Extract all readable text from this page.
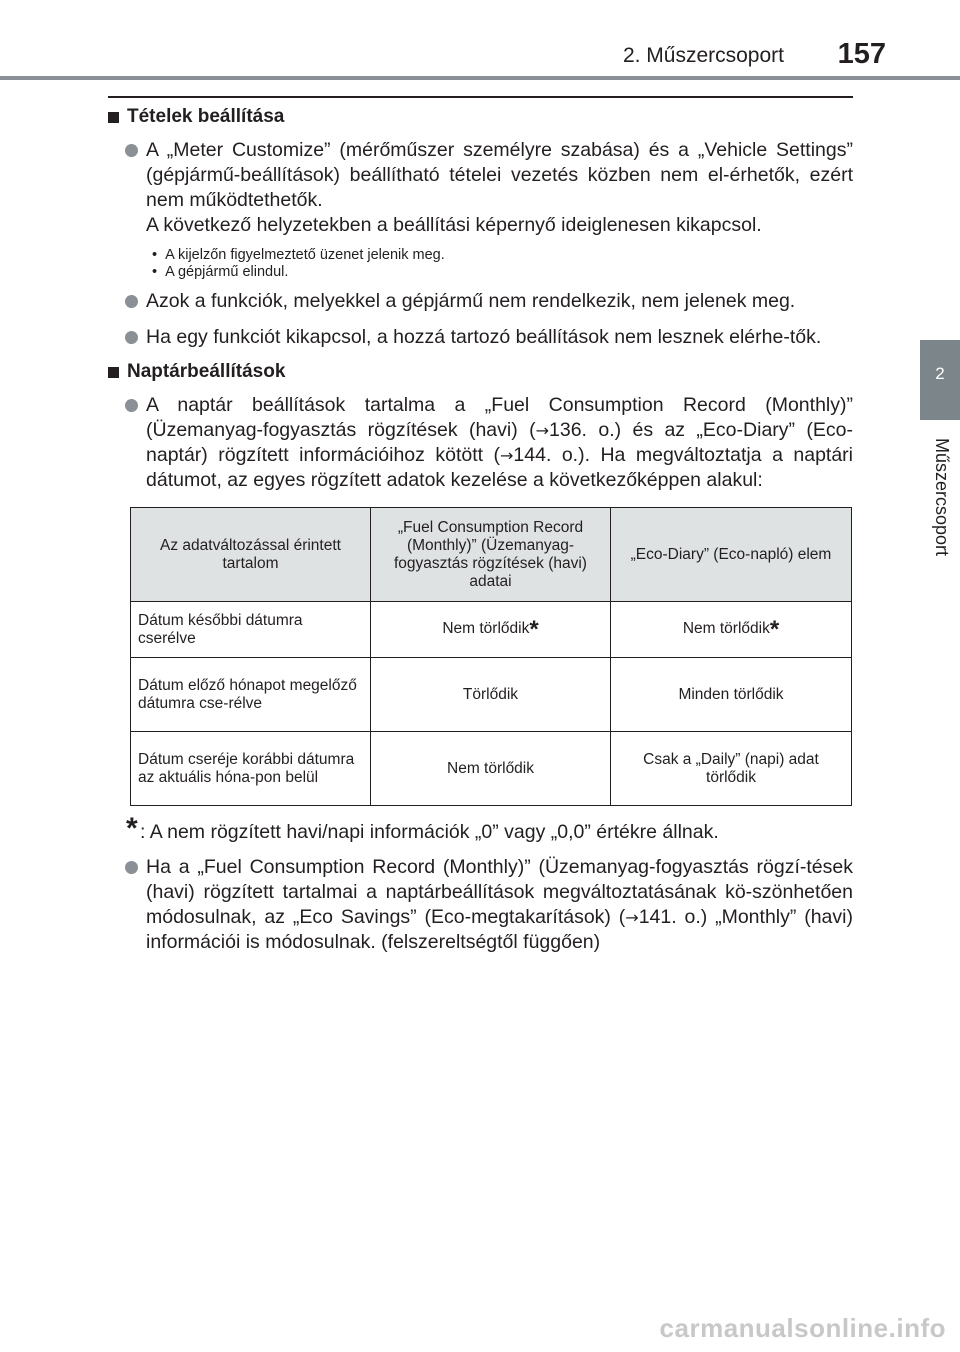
2. Műszercsoport 157
2
Műszercsoport
Tételek beállítása

A „Meter Customize” (mérőműszer személyre szabása) és a „Vehicle Settings” (gépjármű-beállítások) beállítható tételei vezetés közben nem el-érhetők, ezért nem működtethetők.

A következő helyzetekben a beállítási képernyő ideiglenesen kikapcsol.

• A kijelzőn figyelmeztető üzenet jelenik meg.
• A gépjármű elindul.

Azok a funkciók, melyekkel a gépjármű nem rendelkezik, nem jelenek meg.

Ha egy funkciót kikapcsol, a hozzá tartozó beállítások nem lesznek elérhe-tők.

Naptárbeállítások

A naptár beállítások tartalma a „Fuel Consumption Record (Monthly)” (Üzemanyag-fogyasztás rögzítések (havi) (→136. o.) és az „Eco-Diary” (Eco-naptár) rögzített információihoz kötött (→144. o.). Ha megváltoztatja a naptári dátumot, az egyes rögzített adatok kezelése a következőképpen alakul:

Az adatváltozással érintett tartalom	„Fuel Consumption Record (Monthly)” (Üzemanyag-fogyasztás rögzítések (havi) adatai	„Eco-Diary” (Eco-napló) elem
Dátum későbbi dátumra cserélve	Nem törlődik*	Nem törlődik*
Dátum előző hónapot megelőző dátumra cse-rélve	Törlődik	Minden törlődik
Dátum cseréje korábbi dátumra az aktuális hóna-pon belül	Nem törlődik	Csak a „Daily” (napi) adat törlődik
* : A nem rögzített havi/napi információk „0” vagy „0,0” értékre állnak.

Ha a „Fuel Consumption Record (Monthly)” (Üzemanyag-fogyasztás rögzí-tések (havi) rögzített tartalmai a naptárbeállítások megváltoztatásának kö-szönhetően módosulnak, az „Eco Savings” (Eco-megtakarítások) (→141. o.) „Monthly” (havi) információi is módosulnak. (felszereltségtől függően)

carmanualsonline.info
